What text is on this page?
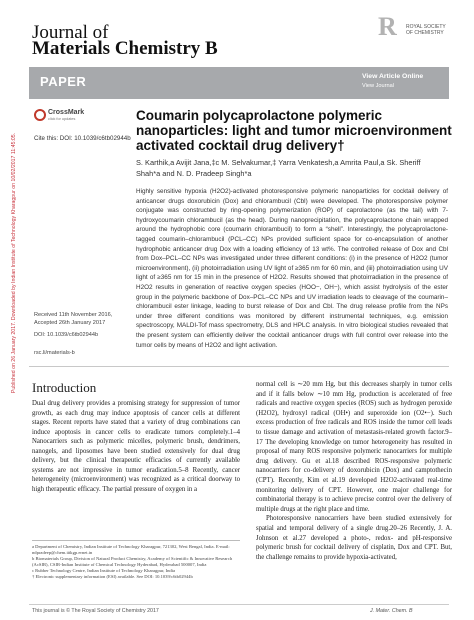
Published on 26 January 2017. Downloaded by Indian Institute of Technology Kharagpur on 10/02/2017 11:45:05.
Journal of
Materials Chemistry B
R ROYAL SOCIETY OF CHEMISTRY
PAPER	View Article Online
View Journal
CrossMark
click for updates
Cite this: DOI: 10.1039/c6tb02944b
Coumarin polycaprolactone polymeric nanoparticles: light and tumor microenvironment activated cocktail drug delivery†
S. Karthik,a Avijit Jana,‡c M. Selvakumar,‡ Yarra Venkatesh,a Amrita Paul,a Sk. Sheriff Shah*a and N. D. Pradeep Singh*a
Highly sensitive hypoxia (H2O2)-activated photoresponsive polymeric nanoparticles for cocktail delivery of anticancer drugs doxorubicin (Dox) and chlorambucil (Cbl) were developed. The photoresponsive polymer conjugate was constructed by ring-opening polymerization (ROP) of caprolactone (as the tail) with 7-hydroxycoumarin chlorambucil (as the head). During nanoprecipitation, the polycaprolactone chain wrapped around the hydrophobic core (coumarin chlorambucil) to form a “shell”. Interestingly, the polycaprolactone-tagged coumarin–chlorambucil (PCL–CC) NPs provided sufficient space for co-encapsulation of another hydrophobic anticancer drug Dox with a loading efficiency of 13 wt%. The controlled release of Dox and Cbl from Dox–PCL–CC NPs was investigated under three different conditions: (i) in the presence of H2O2 (tumor microenvironment), (ii) photoirradiation using UV light of ≥365 nm for 60 min, and (iii) photoirradiation using UV light of ≥365 nm for 15 min in the presence of H2O2. Results showed that photoirradiation in the presence of H2O2 results in generation of reactive oxygen species (HOO−, OH−), which assist hydrolysis of the ester group in the polymeric backbone of Dox–PCL–CC NPs and UV irradiation leads to cleavage of the coumarin–chlorambucil ester linkage, leading to burst release of Dox and Cbl. The drug release profile from the NPs under three different conditions was monitored by different instrumental techniques, e.g. emission spectroscopy, MALDI-Tof mass spectrometry, DLS and HPLC analysis. In vitro biological studies revealed that the present system can efficiently deliver the cocktail anticancer drugs with full control over release into the tumor cells by means of H2O2 and light activation.

Received 11th November 2016,

Accepted 26th January 2017

DOI: 10.1039/c6tb02944b
rsc.li/materials-b
Introduction
Dual drug delivery provides a promising strategy for suppression of tumor growth, as each drug may induce apoptosis of cancer cells at different stages. Recent reports have stated that a variety of drug combinations can induce apoptosis in cancer cells to eradicate tumors completely.1–4 Nanocarriers such as polymeric micelles, polymeric brush, dendrimers, nanogels, and liposomes have been studied extensively for dual drug delivery, but the clinical therapeutic efficacies of currently available systems are not impressive in tumor eradication.5–8 Recently, cancer heterogeneity (microenvironment) was recognized as a critical doorway to high therapeutic efficacy. The partial pressure of oxygen in a

normal cell is ∼20 mm Hg, but this decreases sharply in tumor cells and if it falls below ∼10 mm Hg, production is accelerated of free radicals and reactive oxygen species (ROS) such as hydrogen peroxide (H2O2), hydroxyl radical (OH•) and superoxide ion (O2•−). Such excess production of free radicals and ROS inside the tumor cell leads to tissue damage and activation of metastasis-related growth factor.9–17 The developing knowledge on tumor heterogeneity has resulted in proposal of many ROS responsive polymeric nanocarriers for multiple drug delivery. Gu et al.18 described ROS-responsive polymeric nanocarriers for co-delivery of doxorubicin (Dox) and camptothecin (CPT). Recently, Kim et al.19 developed H2O2-activated real-time monitoring delivery of CPT. However, one major challenge for combinatorial therapy is to achieve precise control over the delivery of multiple drugs at the right place and time.

Photoresponsive nanocarriers have been studied extensively for spatial and temporal delivery of a single drug.20–26 Recently, J. A. Johnson et al.27 developed a photo-, redox- and pH-responsive polymeric brush for cocktail delivery of cisplatin, Dox and CPT. But, the challenge remains to provide hypoxia-activated,

a Department of Chemistry, Indian Institute of Technology Kharagpur, 721302, West Bengal, India. E-mail: ndpradeep@chem.iitkgp.ernet.in

b Biomaterials Group, Division of Natural Product Chemistry, Academy of Scientific & Innovative Research (AcSIR), CSIR-Indian Institute of Chemical Technology Hyderabad, Hyderabad 500007, India

c Rubber Technology Centre, Indian Institute of Technology Kharagpur, India

† Electronic supplementary information (ESI) available. See DOI: 10.1039/c6tb02944b

This journal is © The Royal Society of Chemistry 2017	J. Mater. Chem. B
